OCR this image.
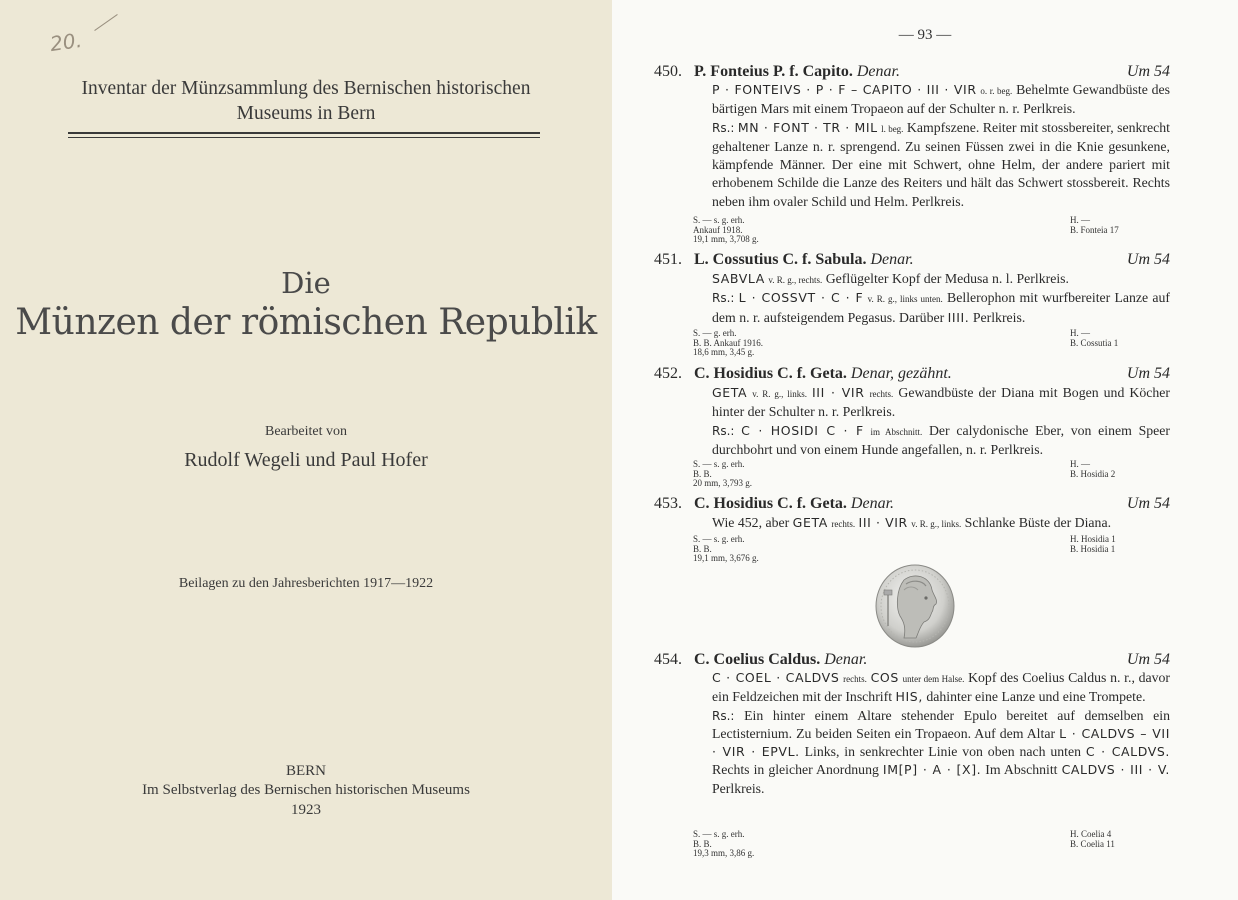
20.
Inventar der Münzsammlung des Bernischen historischen
Museums in Bern
Die
Münzen der römischen Republik
Bearbeitet von
Rudolf Wegeli und Paul Hofer
Beilagen zu den Jahresberichten 1917—1922
BERN
Im Selbstverlag des Bernischen historischen Museums
1923
— 93 —
450. P. Fonteius P. f. Capito. Denar.	Um 54

P · FONTEIVS · P · F – CAPITO · III · VIR o. r. beg. Behelmte Gewandbüste des bärtigen Mars mit einem Tropaeon auf der Schulter n. r. Perlkreis.

Rs.: MN · FONT · TR · MIL l. beg. Kampfszene. Reiter mit stossbereiter, senkrecht gehaltener Lanze n. r. sprengend. Zu seinen Füssen zwei in die Knie gesunkene, kämpfende Männer. Der eine mit Schwert, ohne Helm, der andere pariert mit erhobenem Schilde die Lanze des Reiters und hält das Schwert stossbereit. Rechts neben ihm ovaler Schild und Helm. Perlkreis.

S. — s. g. erh.
Ankauf 1918.
19,1 mm, 3,708 g.
H. —
B. Fonteia 17
451. L. Cossutius C. f. Sabula. Denar.	Um 54

SABVLA v. R. g., rechts. Geflügelter Kopf der Medusa n. l. Perlkreis.

Rs.: L · COSSVT · C · F v. R. g., links unten. Bellerophon mit wurfbereiter Lanze auf dem n. r. aufsteigendem Pegasus. Darüber IIII. Perlkreis.

S. — g. erh.
B. B. Ankauf 1916.
18,6 mm, 3,45 g.
H. —
B. Cossutia 1
452. C. Hosidius C. f. Geta. Denar, gezähnt.	Um 54

GETA v. R. g., links. III · VIR rechts. Gewandbüste der Diana mit Bogen und Köcher hinter der Schulter n. r. Perlkreis.

Rs.: C · HOSIDI C · F im Abschnitt. Der calydonische Eber, von einem Speer durchbohrt und von einem Hunde angefallen, n. r. Perlkreis.

S. — s. g. erh.
B. B.
20 mm, 3,793 g.
H. —
B. Hosidia 2
453. C. Hosidius C. f. Geta. Denar.	Um 54

Wie 452, aber GETA rechts. III · VIR v. R. g., links. Schlanke Büste der Diana.

S. — s. g. erh.
B. B.
19,1 mm, 3,676 g.
H. Hosidia 1
B. Hosidia 1
454. C. Coelius Caldus. Denar.	Um 54

C · COEL · CALDVS rechts. COS unter dem Halse. Kopf des Coelius Caldus n. r., davor ein Feldzeichen mit der Inschrift HIS, dahinter eine Lanze und eine Trompete.

Rs.: Ein hinter einem Altare stehender Epulo bereitet auf demselben ein Lectisternium. Zu beiden Seiten ein Tropaeon. Auf dem Altar L · CALDVS – VII · VIR · EPVL. Links, in senkrechter Linie von oben nach unten C · CALDVS. Rechts in gleicher Anordnung IM[P] · A · [X]. Im Abschnitt CALDVS · III · V. Perlkreis.

S. — s. g. erh.
B. B.
19,3 mm, 3,86 g.
H. Coelia 4
B. Coelia 11
